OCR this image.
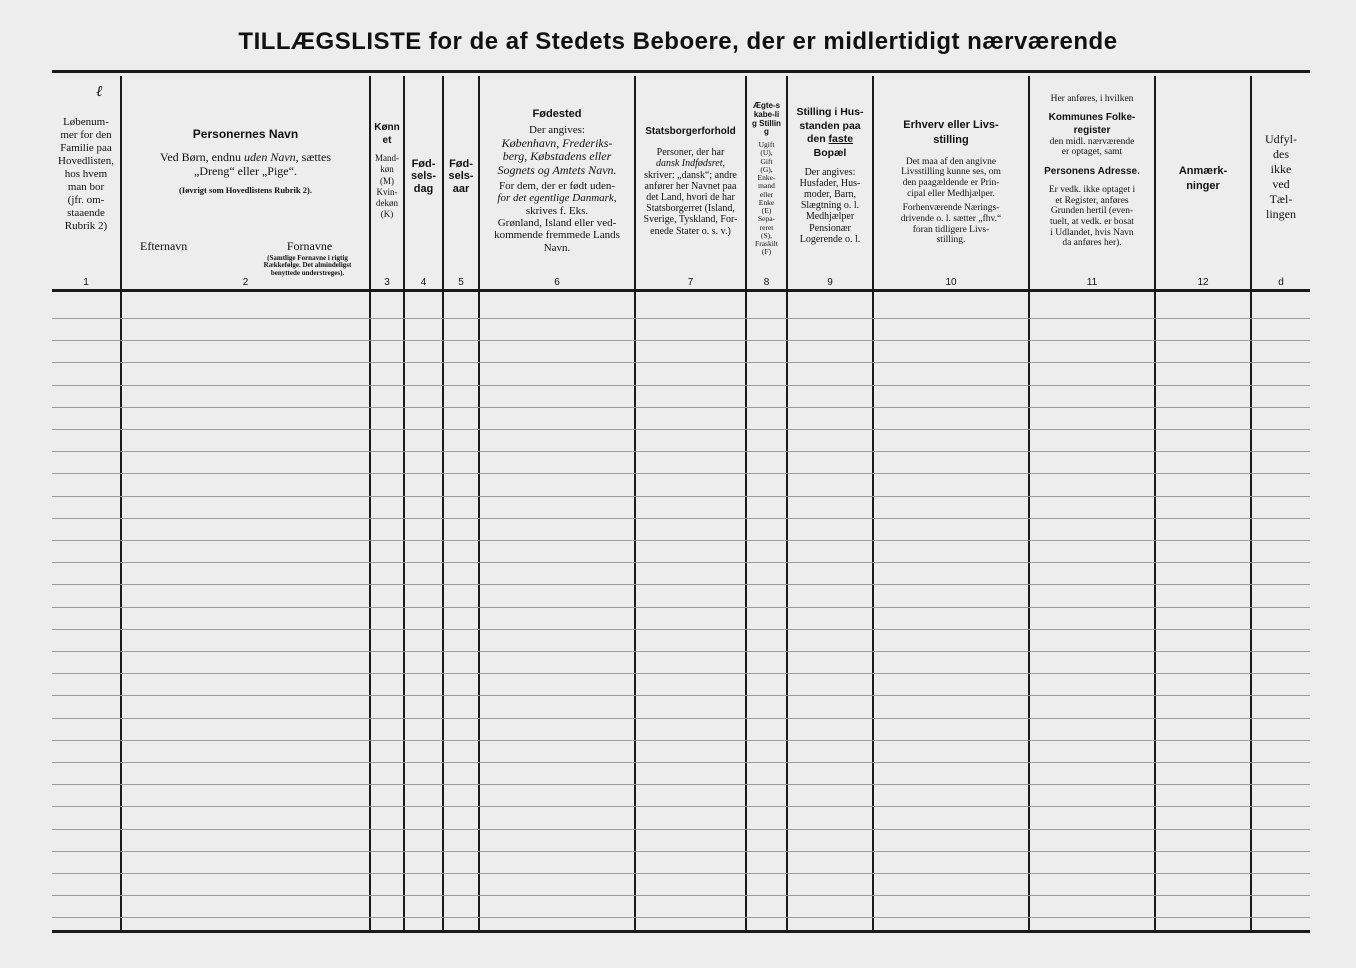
TILLÆGSLISTE for de af Stedets Beboere, der er midlertidigt nærværende
ℓ
Løbenum-
mer for den
Familie paa
Hovedlisten,
hos hvem
man bor
(jfr. om-
staaende
Rubrik 2)
Personernes Navn
Ved Børn, endnu uden Navn, sættes
„Dreng“ eller „Pige“.
(Iøvrigt som Hovedlistens Rubrik 2).
Efternavn	Fornavne
(Samtlige Fornavne i rigtig Rækkefølge. Det almindeligst benyttede understreges).
Kønnet
Mand-
køn
(M)
Kvin-
dekøn
(K)
Fød-sels-dag
Fød-sels-aar
Fødested
Der angives:
København, Frederiks-
berg, Købstadens eller
Sognets og Amtets Navn.
For dem, der er født uden-
for det egentlige Danmark,
skrives f. Eks.
Grønland, Island eller ved-
kommende fremmede Lands
Navn.
Statsborgerforhold
Personer, der har
dansk Indfødsret,
skriver: „dansk“; andre
anfører her Navnet paa
det Land, hvori de har
Statsborgerret (Island,
Sverige, Tyskland, For-
enede Stater o. s. v.)
Ægte-skabe-lig Stilling
Ugift
(U),
Gift
(G),
Enke-
mand
eller
Enke
(E)
Sepa-
reret
(S),
Fraskilt
(F)
Stilling i Hus-
standen paa
den faste
Bopæl
Der angives:
Husfader, Hus-
moder, Barn,
Slægtning o. l.
Medhjælper
Pensionær
Logerende o. l.
Erhverv eller Livs-stilling
Det maa af den angivne
Livsstilling kunne ses, om
den paagældende er Prin-
cipal eller Medhjælper.
Forhenværende Nærings-
drivende o. l. sætter „fhv.“
foran tidligere Livs-
stilling.
Her anføres, i hvilken
Kommunes Folke-register
den midl. nærværende
er optaget, samt
Personens Adresse.
Er vedk. ikke optaget i
et Register, anføres
Grunden hertil (even-
tuelt, at vedk. er bosat
i Udlandet, hvis Navn
da anføres her).
Anmærk-ninger
Udfyl-
des
ikke
ved
Tæl-
lingen
1	2	3	4	5	6	7	8	9	10	11	12	d
